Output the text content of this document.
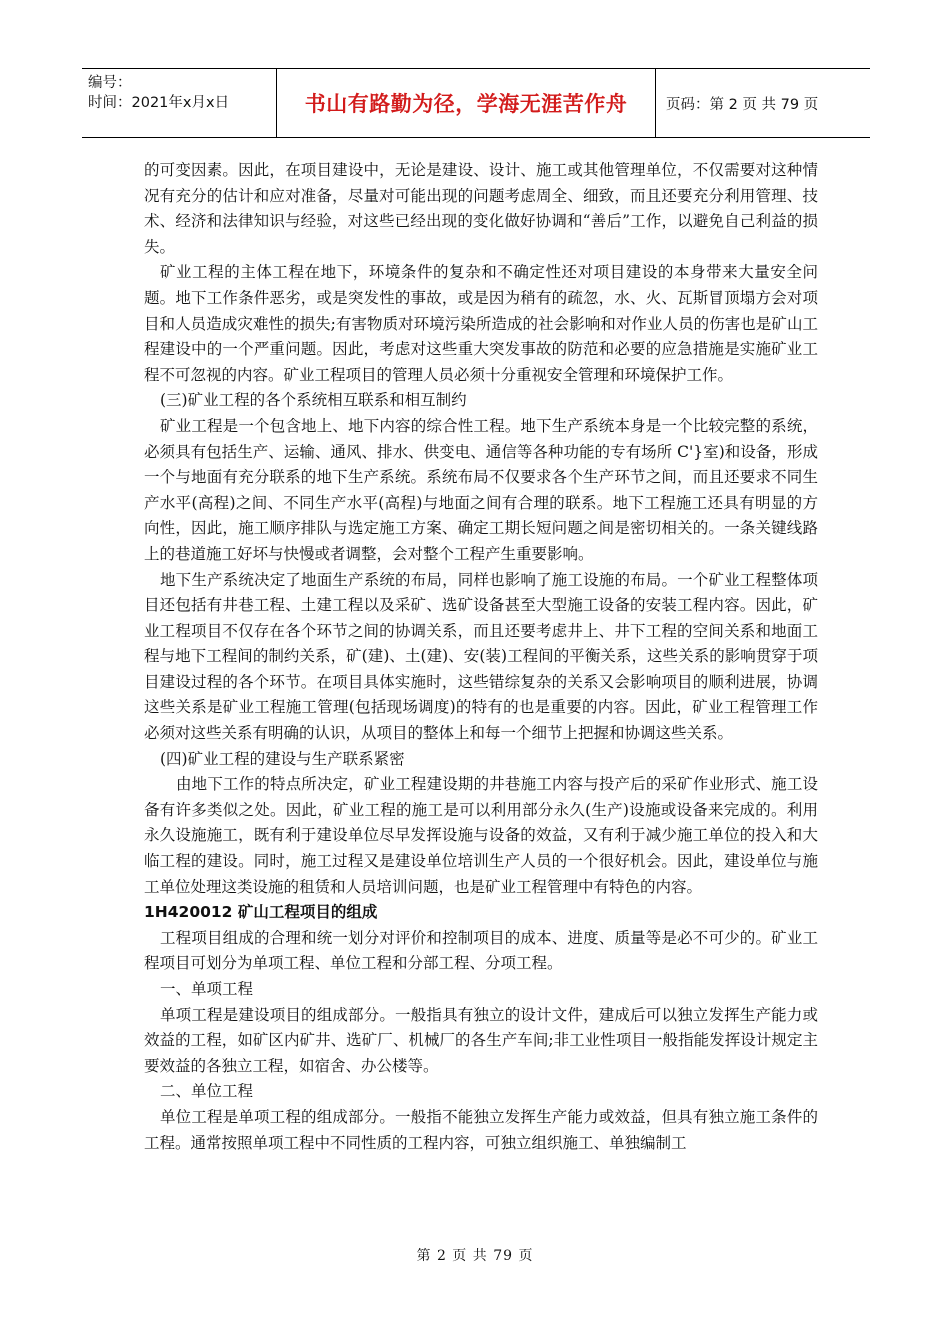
编号：
时间：2021年x月x日	书山有路勤为径，学海无涯苦作舟	页码：第 2 页 共 79 页

的可变因素。因此，在项目建设中，无论是建设、设计、施工或其他管理单位，不仅需要对这种情况有充分的估计和应对准备，尽量对可能出现的问题考虑周全、细致，而且还要充分利用管理、技术、经济和法律知识与经验，对这些已经出现的变化做好协调和“善后”工作，以避免自己利益的损失。

矿业工程的主体工程在地下，环境条件的复杂和不确定性还对项目建设的本身带来大量安全问题。地下工作条件恶劣，或是突发性的事故，或是因为稍有的疏忽，水、火、瓦斯冒顶塌方会对项目和人员造成灾难性的损失;有害物质对环境污染所造成的社会影响和对作业人员的伤害也是矿山工程建设中的一个严重问题。因此，考虑对这些重大突发事故的防范和必要的应急措施是实施矿业工程不可忽视的内容。矿业工程项目的管理人员必须十分重视安全管理和环境保护工作。

(三)矿业工程的各个系统相互联系和相互制约

矿业工程是一个包含地上、地下内容的综合性工程。地下生产系统本身是一个比较完整的系统，必须具有包括生产、运输、通风、排水、供变电、通信等各种功能的专有场所 C'}室)和设备，形成一个与地面有充分联系的地下生产系统。系统布局不仅要求各个生产环节之间，而且还要求不同生产水平(高程)之间、不同生产水平(高程)与地面之间有合理的联系。地下工程施工还具有明显的方向性，因此，施工顺序排队与选定施工方案、确定工期长短问题之间是密切相关的。一条关键线路上的巷道施工好坏与快慢或者调整，会对整个工程产生重要影响。

地下生产系统决定了地面生产系统的布局，同样也影响了施工设施的布局。一个矿业工程整体项目还包括有井巷工程、土建工程以及采矿、选矿设备甚至大型施工设备的安装工程内容。因此，矿业工程项目不仅存在各个环节之间的协调关系，而且还要考虑井上、井下工程的空间关系和地面工程与地下工程间的制约关系，矿(建)、土(建)、安(装)工程间的平衡关系，这些关系的影响贯穿于项目建设过程的各个环节。在项目具体实施时，这些错综复杂的关系又会影响项目的顺利进展，协调这些关系是矿业工程施工管理(包括现场调度)的特有的也是重要的内容。因此，矿业工程管理工作必须对这些关系有明确的认识，从项目的整体上和每一个细节上把握和协调这些关系。

(四)矿业工程的建设与生产联系紧密

由地下工作的特点所决定，矿业工程建设期的井巷施工内容与投产后的采矿作业形式、施工设备有许多类似之处。因此，矿业工程的施工是可以利用部分永久(生产)设施或设备来完成的。利用永久设施施工，既有利于建设单位尽早发挥设施与设备的效益，又有利于减少施工单位的投入和大临工程的建设。同时，施工过程又是建设单位培训生产人员的一个很好机会。因此，建设单位与施工单位处理这类设施的租赁和人员培训问题，也是矿业工程管理中有特色的内容。

1H420012 矿山工程项目的组成

工程项目组成的合理和统一划分对评价和控制项目的成本、进度、质量等是必不可少的。矿业工程项目可划分为单项工程、单位工程和分部工程、分项工程。

一、单项工程

单项工程是建设项目的组成部分。一般指具有独立的设计文件，建成后可以独立发挥生产能力或效益的工程，如矿区内矿井、选矿厂、机械厂的各生产车间;非工业性项目一般指能发挥设计规定主要效益的各独立工程，如宿舍、办公楼等。

二、单位工程

单位工程是单项工程的组成部分。一般指不能独立发挥生产能力或效益，但具有独立施工条件的工程。通常按照单项工程中不同性质的工程内容，可独立组织施工、单独编制工

第 2 页 共 79 页
